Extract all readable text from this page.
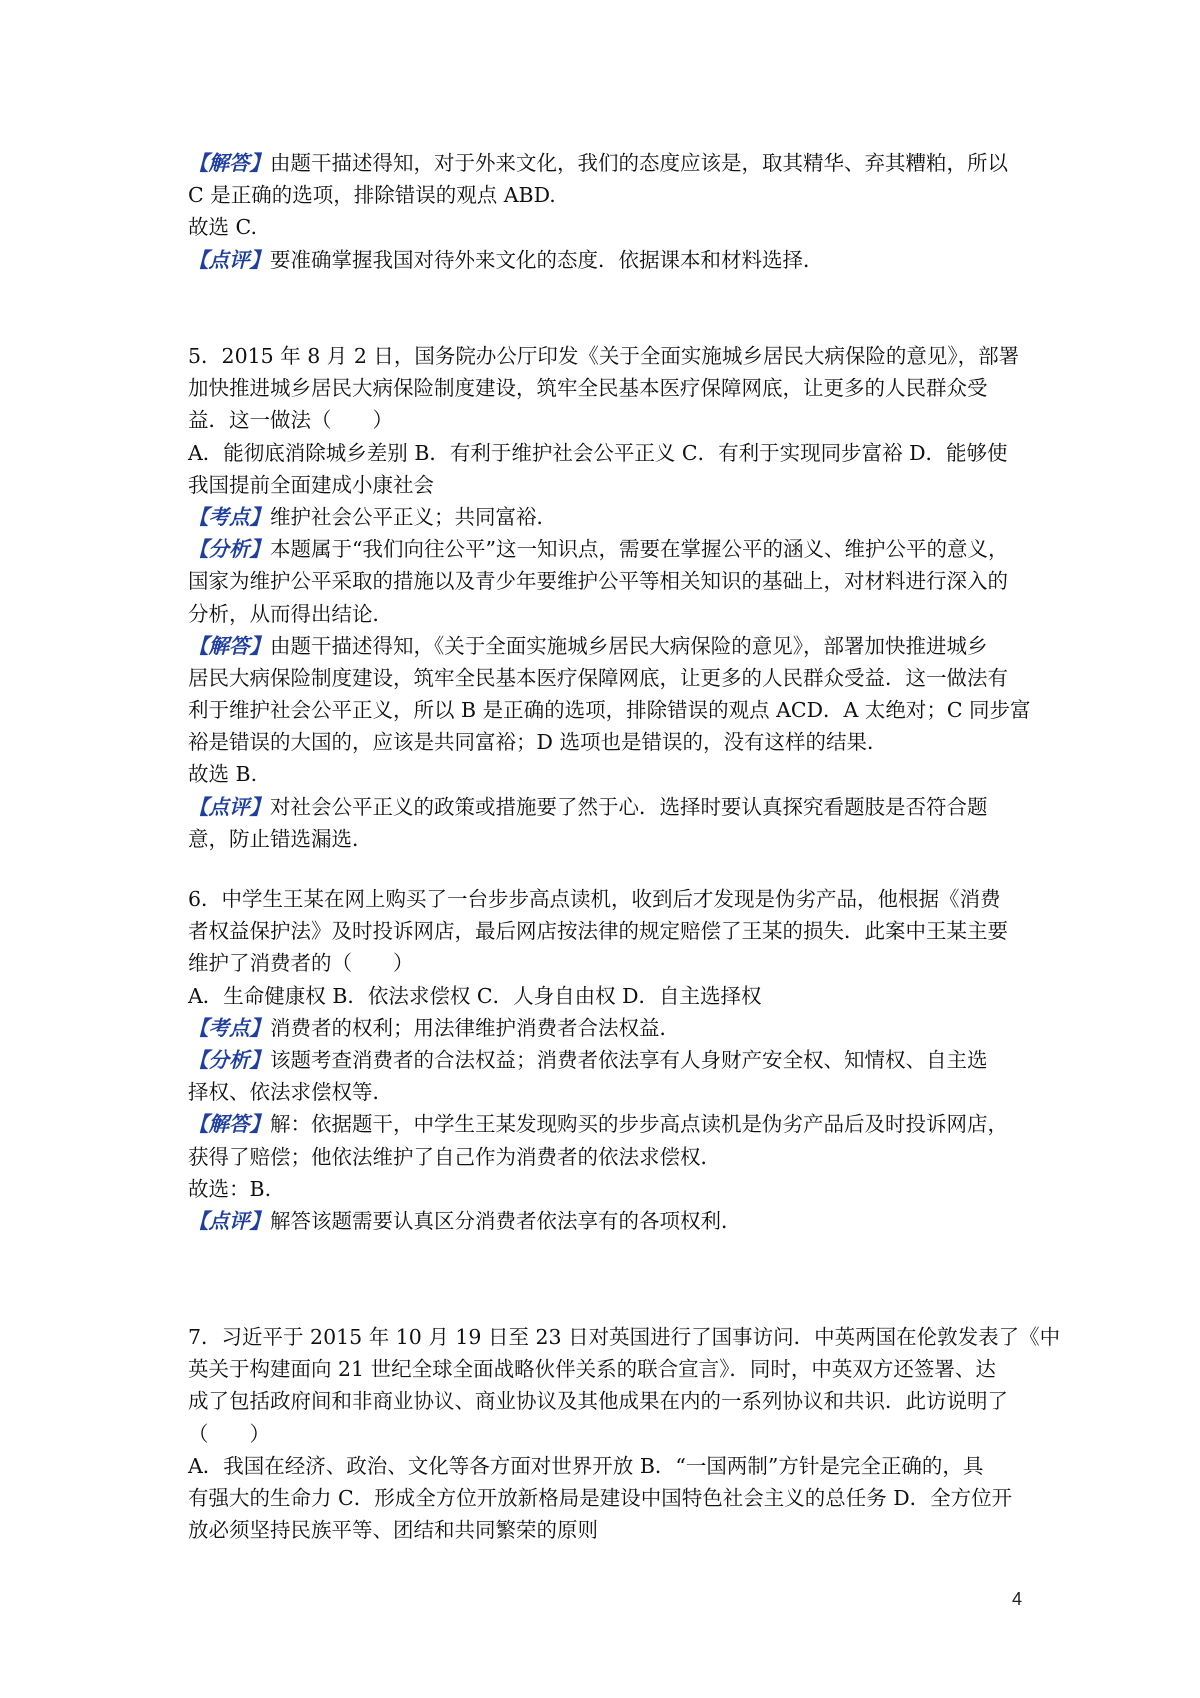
【解答】由题干描述得知，对于外来文化，我们的态度应该是，取其精华、弃其糟粕，所以
C 是正确的选项，排除错误的观点 ABD.
故选 C.
【点评】要准确掌握我国对待外来文化的态度．依据课本和材料选择．
5．2015 年 8 月 2 日，国务院办公厅印发《关于全面实施城乡居民大病保险的意见》，部署
加快推进城乡居民大病保险制度建设，筑牢全民基本医疗保障网底，让更多的人民群众受
益．这一做法（　　）
A．能彻底消除城乡差别 B．有利于维护社会公平正义 C．有利于实现同步富裕 D．能够使
我国提前全面建成小康社会
【考点】维护社会公平正义；共同富裕．
【分析】本题属于“我们向往公平”这一知识点，需要在掌握公平的涵义、维护公平的意义，
国家为维护公平采取的措施以及青少年要维护公平等相关知识的基础上，对材料进行深入的
分析，从而得出结论．
【解答】由题干描述得知，《关于全面实施城乡居民大病保险的意见》，部署加快推进城乡
居民大病保险制度建设，筑牢全民基本医疗保障网底，让更多的人民群众受益．这一做法有
利于维护社会公平正义，所以 B 是正确的选项，排除错误的观点 ACD．A 太绝对；C 同步富
裕是错误的大国的，应该是共同富裕；D 选项也是错误的，没有这样的结果．
故选 B.
【点评】对社会公平正义的政策或措施要了然于心．选择时要认真探究看题肢是否符合题
意，防止错选漏选．
6．中学生王某在网上购买了一台步步高点读机，收到后才发现是伪劣产品，他根据《消费
者权益保护法》及时投诉网店，最后网店按法律的规定赔偿了王某的损失．此案中王某主要
维护了消费者的（　　）
A．生命健康权 B．依法求偿权 C．人身自由权 D．自主选择权
【考点】消费者的权利；用法律维护消费者合法权益．
【分析】该题考查消费者的合法权益；消费者依法享有人身财产安全权、知情权、自主选
择权、依法求偿权等．
【解答】解：依据题干，中学生王某发现购买的步步高点读机是伪劣产品后及时投诉网店，
获得了赔偿；他依法维护了自己作为消费者的依法求偿权．
故选：B.
【点评】解答该题需要认真区分消费者依法享有的各项权利．
7．习近平于 2015 年 10 月 19 日至 23 日对英国进行了国事访问．中英两国在伦敦发表了《中
英关于构建面向 21 世纪全球全面战略伙伴关系的联合宣言》．同时，中英双方还签署、达
成了包括政府间和非商业协议、商业协议及其他成果在内的一系列协议和共识．此访说明了
（　　）
A．我国在经济、政治、文化等各方面对世界开放 B．“一国两制”方针是完全正确的，具
有强大的生命力 C．形成全方位开放新格局是建设中国特色社会主义的总任务 D．全方位开
放必须坚持民族平等、团结和共同繁荣的原则
4
